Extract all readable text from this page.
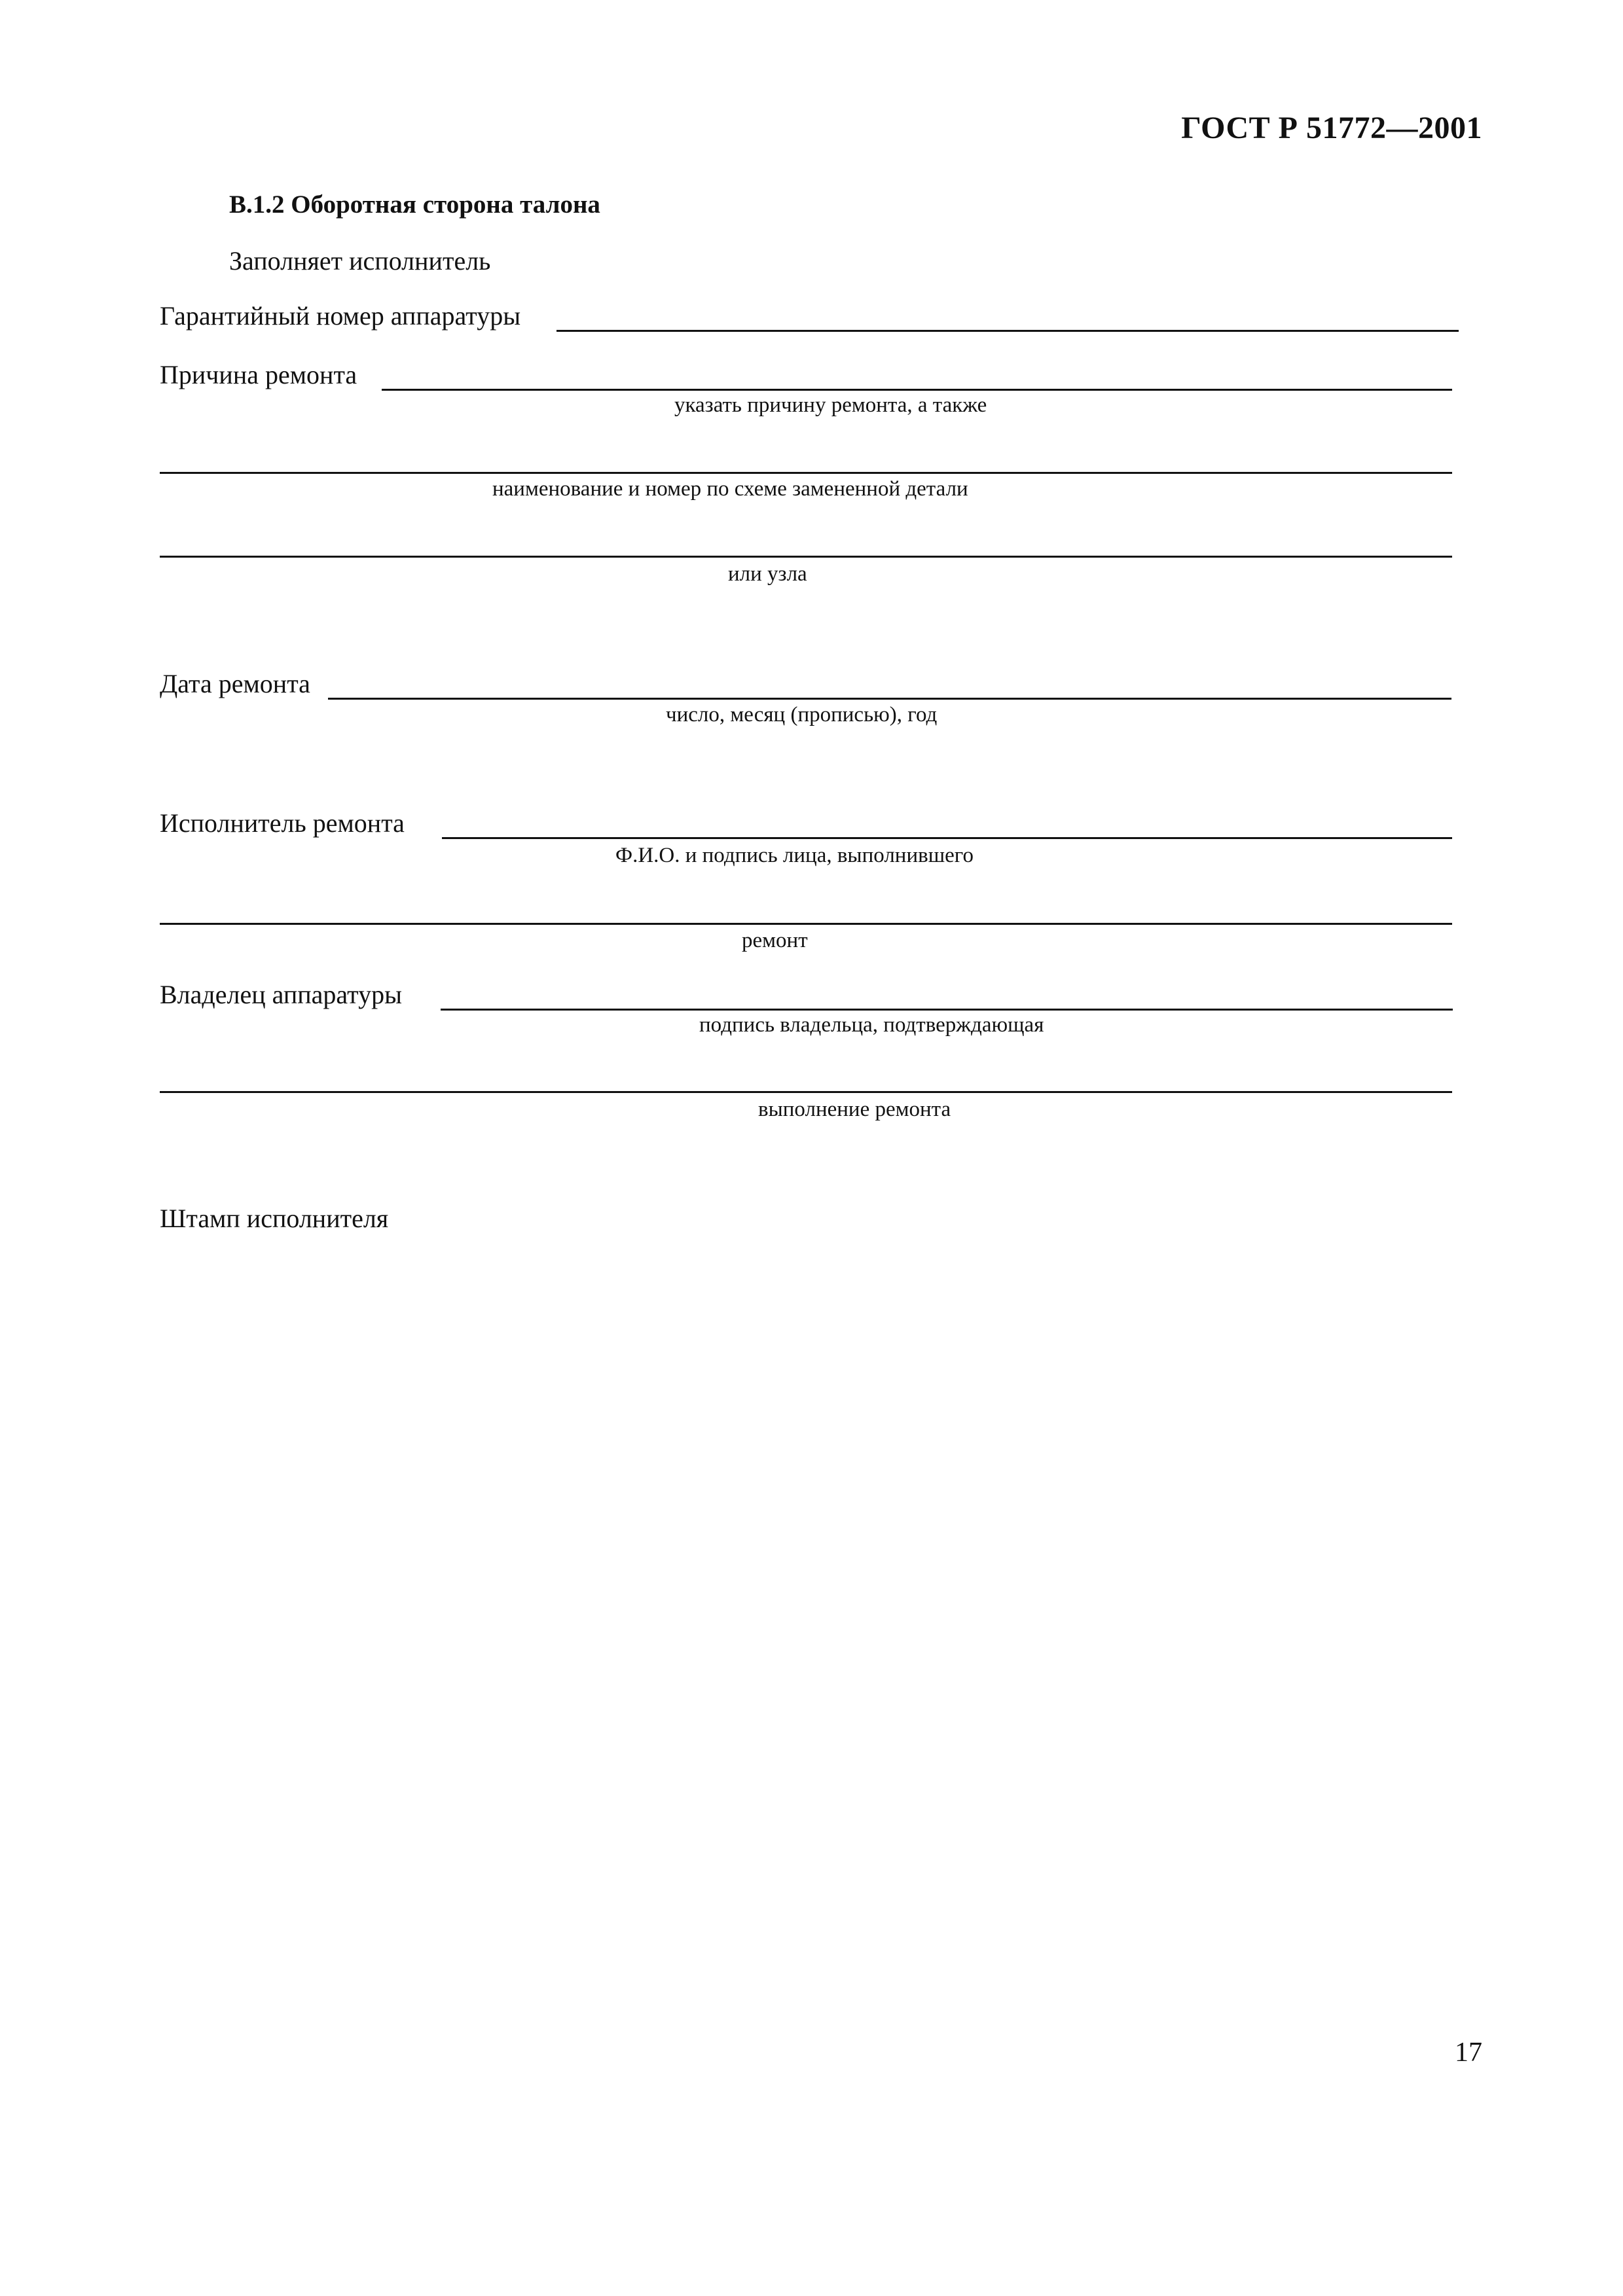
ГОСТ Р 51772—2001
В.1.2 Оборотная сторона талона
Заполняет исполнитель
Гарантийный номер аппаратуры
Причина ремонта
указать причину ремонта, а также
наименование и номер по схеме замененной детали
или узла
Дата ремонта
число, месяц (прописью), год
Исполнитель ремонта
Ф.И.О. и подпись лица, выполнившего
ремонт
Владелец аппаратуры
подпись владельца, подтверждающая
выполнение ремонта
Штамп исполнителя
17
